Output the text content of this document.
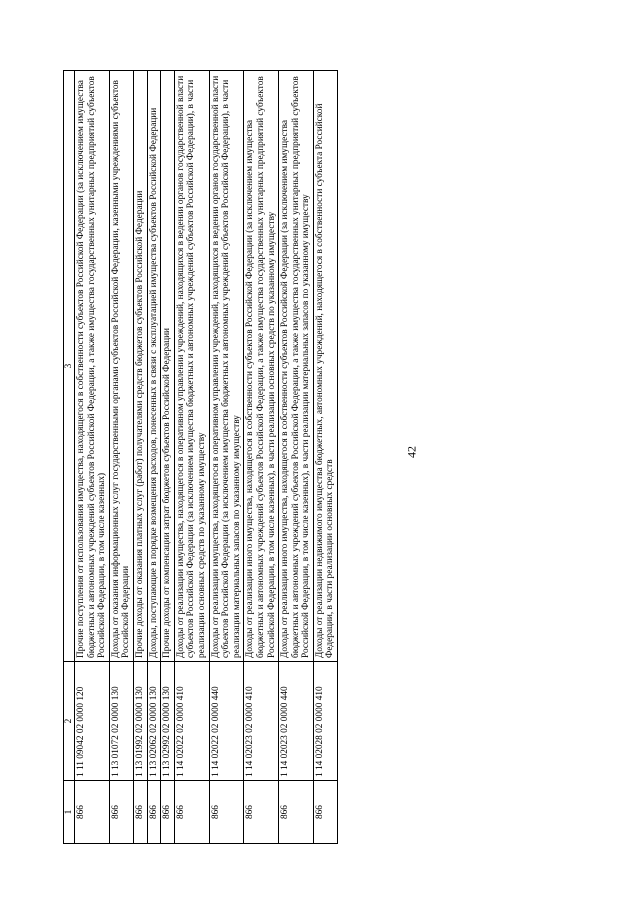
42
1	2	3
866	1 11 09042 02 0000 120	Прочие поступления от использования имущества, находящегося в собственности субъектов Российской Федерации (за исключением имущества бюджетных и автономных учреждений субъектов Российской Федерации, а также имущества государственных унитарных предприятий субъектов Российской Федерации, в том числе казенных)
866	1 13 01072 02 0000 130	Доходы от оказания информационных услуг государственными органами субъектов Российской Федерации, казенными учреждениями субъектов Российской Федерации
866	1 13 01992 02 0000 130	Прочие доходы от оказания платных услуг (работ) получателями средств бюджетов субъектов Российской Федерации
866	1 13 02062 02 0000 130	Доходы, поступающие в порядке возмещения расходов, понесенных в связи с эксплуатацией имущества субъектов Российской Федерации
866	1 13 02992 02 0000 130	Прочие доходы от компенсации затрат бюджетов субъектов Российской Федерации
866	1 14 02022 02 0000 410	Доходы от реализации имущества, находящегося в оперативном управлении учреждений, находящихся в ведении органов государственной власти субъектов Российской Федерации (за исключением имущества бюджетных и автономных учреждений субъектов Российской Федерации), в части реализации основных средств по указанному имуществу
866	1 14 02022 02 0000 440	Доходы от реализации имущества, находящегося в оперативном управлении учреждений, находящихся в ведении органов государственной власти субъектов Российской Федерации (за исключением имущества бюджетных и автономных учреждений субъектов Российской Федерации), в части реализации материальных запасов по указанному имуществу
866	1 14 02023 02 0000 410	Доходы от реализации иного имущества, находящегося в собственности субъектов Российской Федерации (за исключением имущества бюджетных и автономных учреждений субъектов Российской Федерации, а также имущества государственных унитарных предприятий субъектов Российской Федерации, в том числе казенных), в части реализации основных средств по указанному имуществу
866	1 14 02023 02 0000 440	Доходы от реализации иного имущества, находящегося в собственности субъектов Российской Федерации (за исключением имущества бюджетных и автономных учреждений субъектов Российской Федерации, а также имущества государственных унитарных предприятий субъектов Российской Федерации, в том числе казенных), в части реализации материальных запасов по указанному имуществу
866	1 14 02028 02 0000 410	Доходы от реализации недвижимого имущества бюджетных, автономных учреждений, находящегося в собственности субъекта Российской Федерации, в части реализации основных средств
